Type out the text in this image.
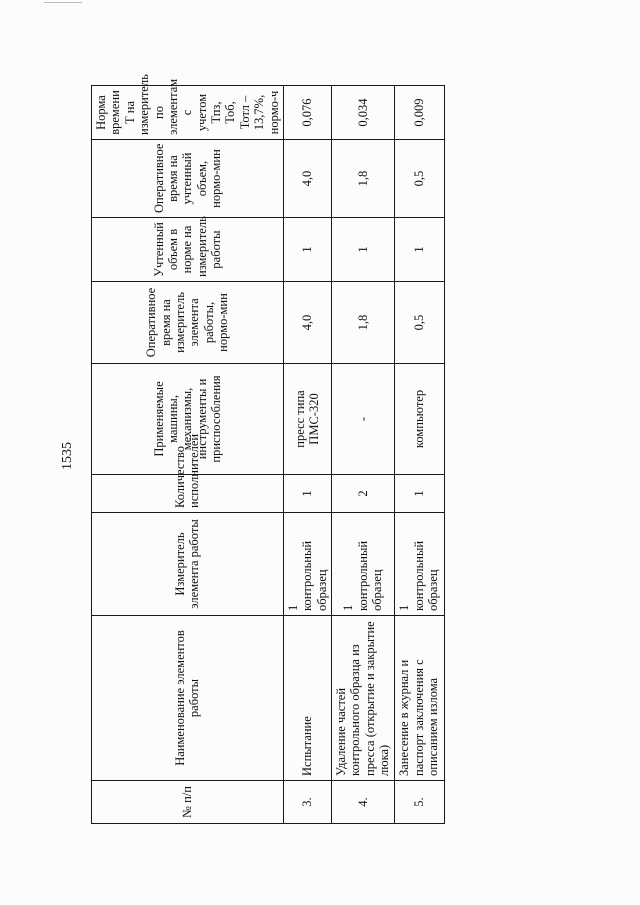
1535
№ п/п	Наименование элементов работы	Измеритель элемента работы	Количество исполнителей	Применяемые машины, механизмы, инструменты и приспособления	Оперативное время на измеритель элемента работы, нормо-мин	Учтенный объем в норме на измеритель работы	Оперативное время на учтенный объем, нормо-мин	Норма времени Т на измеритель по элементам с учетом Тпз, Тоб, Тотл – 13,7%, нормо-ч
3.	Испытание	1 контрольный образец	1	пресс типа ПМС-320	4,0	1	4,0	0,076
4.	Удаление частей контрольного образца из пресса (открытие и закрытие люка)	1 контрольный образец	2	-	1,8	1	1,8	0,034
5.	Занесение в журнал и паспорт заключения с описанием излома	1 контрольный образец	1	компьютер	0,5	1	0,5	0,009
